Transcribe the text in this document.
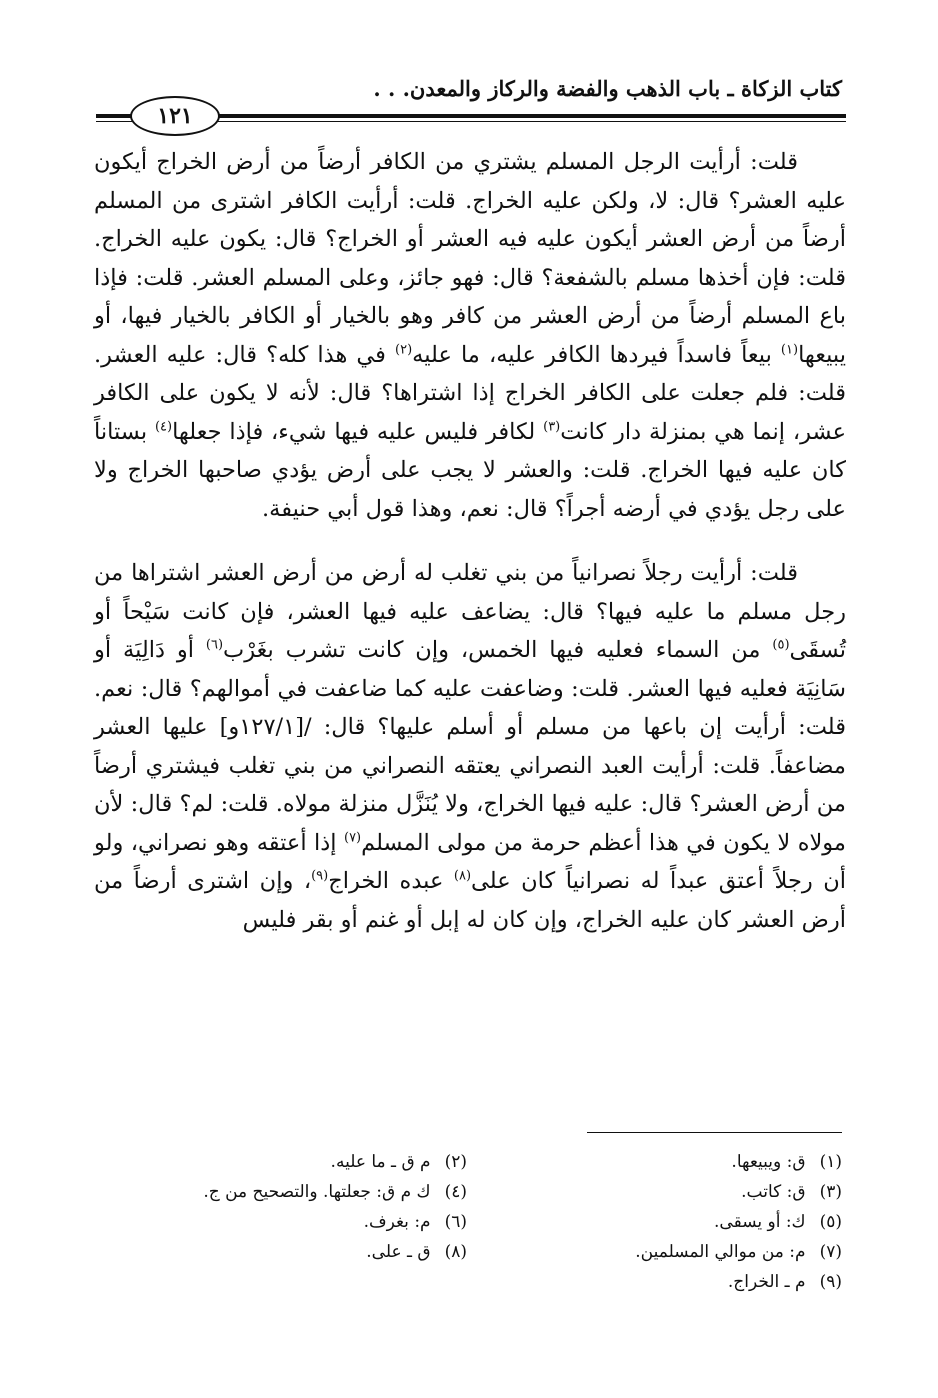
كتاب الزكاة ـ باب الذهب والفضة والركاز والمعدن. . .
١٢١

قلت: أرأيت الرجل المسلم يشتري من الكافر أرضاً من أرض الخراج أيكون عليه العشر؟ قال: لا، ولكن عليه الخراج. قلت: أرأيت الكافر اشترى من المسلم أرضاً من أرض العشر أيكون عليه فيه العشر أو الخراج؟ قال: يكون عليه الخراج. قلت: فإن أخذها مسلم بالشفعة؟ قال: فهو جائز، وعلى المسلم العشر. قلت: فإذا باع المسلم أرضاً من أرض العشر من كافر وهو بالخيار أو الكافر بالخيار فيها، أو يبيعها$^{(١)}$ بيعاً فاسداً فيردها الكافر عليه، ما عليه$^{(٢)}$ في هذا كله؟ قال: عليه العشر. قلت: فلم جعلت على الكافر الخراج إذا اشتراها؟ قال: لأنه لا يكون على الكافر عشر، إنما هي بمنزلة دار كانت$^{(٣)}$ لكافر فليس عليه فيها شيء، فإذا جعلها$^{(٤)}$ بستاناً كان عليه فيها الخراج. قلت: والعشر لا يجب على أرض يؤدي صاحبها الخراج ولا على رجل يؤدي في أرضه أجراً؟ قال: نعم، وهذا قول أبي حنيفة.

قلت: أرأيت رجلاً نصرانياً من بني تغلب له أرض من أرض العشر اشتراها من رجل مسلم ما عليه فيها؟ قال: يضاعف عليه فيها العشر، فإن كانت سَيْحاً أو تُسقَى$^{(٥)}$ من السماء فعليه فيها الخمس، وإن كانت تشرب بغَرْب$^{(٦)}$ أو دَالِيَة أو سَانِيَة فعليه فيها العشر. قلت: وضاعفت عليه كما ضاعفت في أموالهم؟ قال: نعم. قلت: أرأيت إن باعها من مسلم أو أسلم عليها؟ قال: /[١٢٧/١و] عليها العشر مضاعفاً. قلت: أرأيت العبد النصراني يعتقه النصراني من بني تغلب فيشتري أرضاً من أرض العشر؟ قال: عليه فيها الخراج، ولا يُنَزَّل منزلة مولاه. قلت: لم؟ قال: لأن مولاه لا يكون في هذا أعظم حرمة من مولى المسلم$^{(٧)}$ إذا أعتقه وهو نصراني، ولو أن رجلاً أعتق عبداً له نصرانياً كان على$^{(٨)}$ عبده الخراج$^{(٩)}$، وإن اشترى أرضاً من أرض العشر كان عليه الخراج، وإن كان له إبل أو غنم أو بقر فليس

(١)ق: ويبيعها.
(٢)م ق ـ ما عليه.
(٣)ق: كاتب.
(٤)ك م ق: جعلتها. والتصحيح من ج.
(٥)ك: أو يسقى.
(٦)م: بغرف.
(٧)م: من موالي المسلمين.
(٨)ق ـ على.
(٩)م ـ الخراج.
